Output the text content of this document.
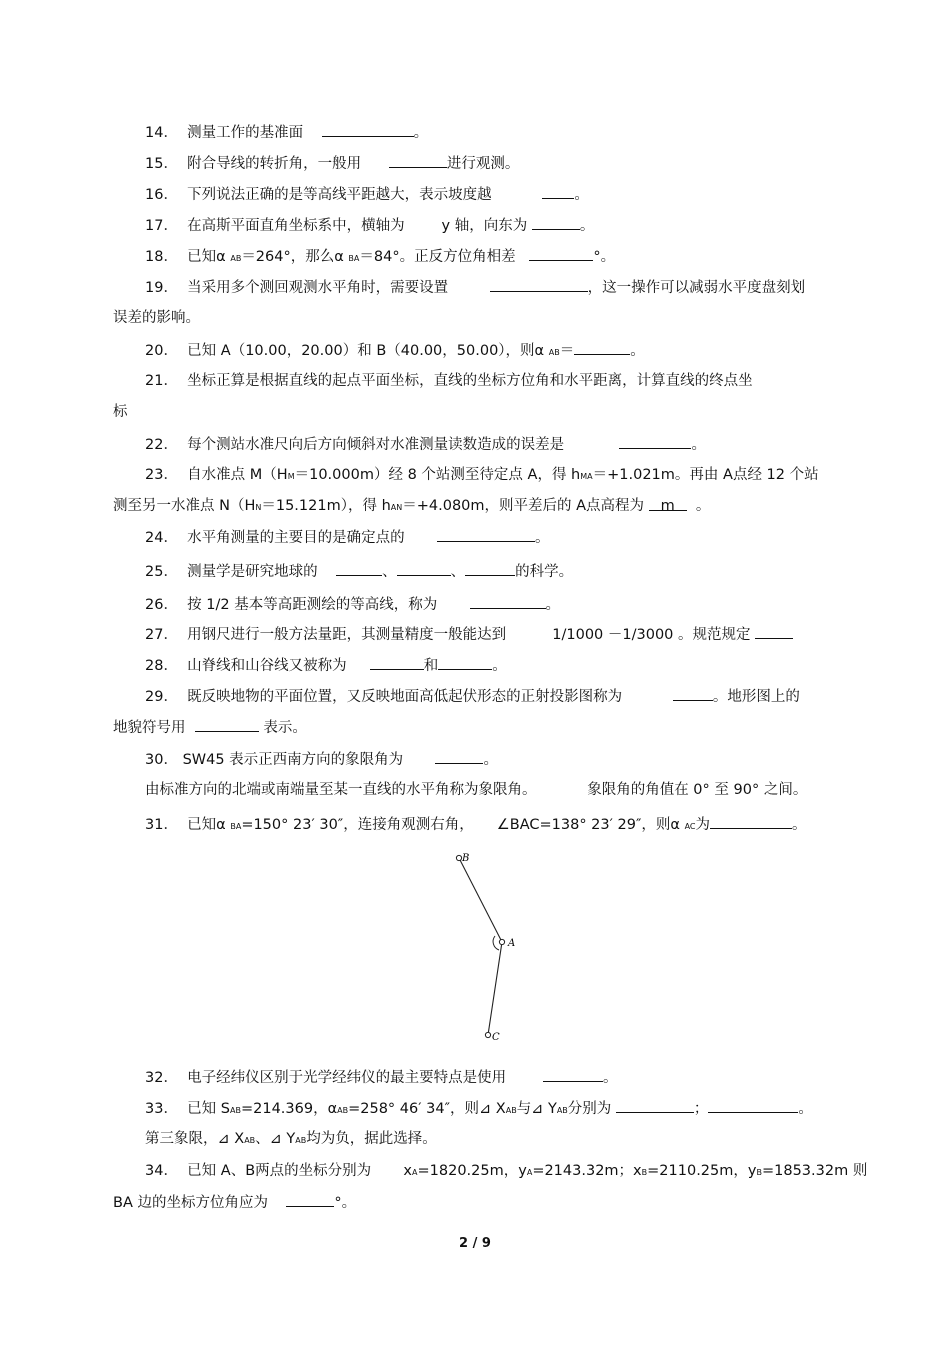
14． 测量工作的基准面	。
15． 附合导线的转折角，一般用	进行观测。
16． 下列说法正确的是等高线平距越大，表示坡度越	。
17． 在高斯平面直角坐标系中，横轴为	y 轴，向东为	。
18． 已知α AB＝264°，那么α BA＝84°。正反方位角相差	°。
19． 当采用多个测回观测水平角时，需要设置	，这一操作可以减弱水平度盘刻划
误差的影响。
20． 已知 A（10.00，20.00）和 B（40.00，50.00），则α AB＝	。
21． 坐标正算是根据直线的起点平面坐标，直线的坐标方位角和水平距离，计算直线的终点坐
标
22． 每个测站水准尺向后方向倾斜对水准测量读数造成的误差是	。
23． 自水准点 M（HM＝10.000m）经 8 个站测至待定点 A，得 hMA＝+1.021m。再由 A点经 12 个站
测至另一水准点 N（HN＝15.121m），得 hAN＝+4.080m，则平差后的 A点高程为 m 。
24． 水平角测量的主要目的是确定点的	。
25． 测量学是研究地球的	、	、	的科学。
26． 按 1/2 基本等高距测绘的等高线，称为	。
27． 用钢尺进行一般方法量距，其测量精度一般能达到	1/1000 －1/3000 。规范规定
28． 山脊线和山谷线又被称为	和	。
29． 既反映地物的平面位置，又反映地面高低起伏形态的正射投影图称为	。地形图上的
地貌符号用	表示。
30． SW45 表示正西南方向的象限角为	。
由标准方向的北端或南端量至某一直线的水平角称为象限角。	象限角的角值在 0° 至 90° 之间。
31． 已知α BA=150° 23′ 30″，连接角观测右角， ∠BAC=138° 23′ 29″，则α AC为	。
B
A
C
32． 电子经纬仪区别于光学经纬仪的最主要特点是使用	。
33． 已知 SAB=214.369，αAB=258° 46′ 34″，则⊿ XAB与⊿ YAB分别为	；	。
第三象限，⊿ XAB、⊿ YAB均为负，据此选择。
34． 已知 A、B两点的坐标分别为 xA=1820.25m，yA=2143.32m；xB=2110.25m，yB=1853.32m 则
BA 边的坐标方位角应为	°。
2 / 9
